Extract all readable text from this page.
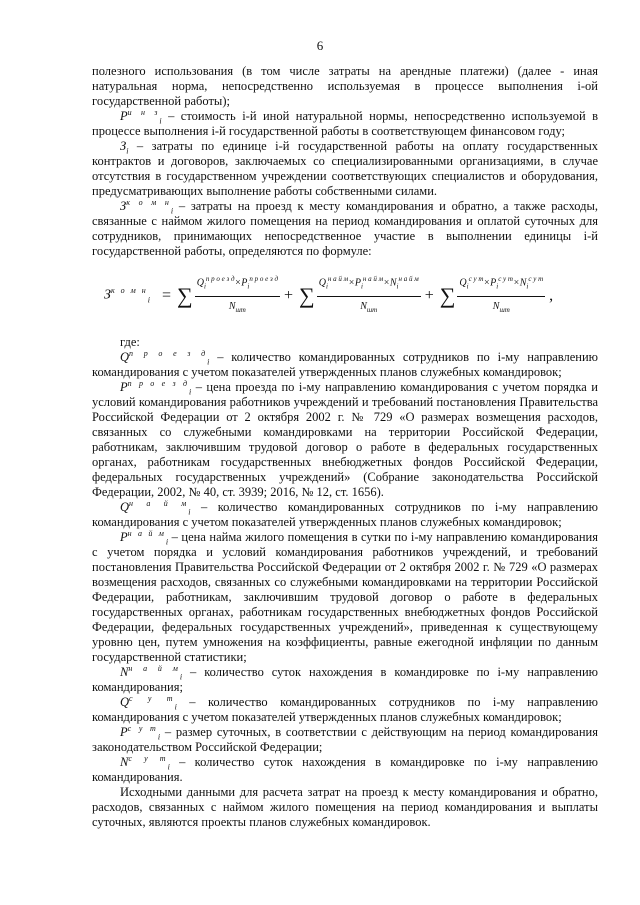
6

полезного использования (в том числе затраты на арендные платежи) (далее - иная натуральная норма, непосредственно используемая в процессе выполнения i-ой государственной работы);

$P^{и н з}_i$ – стоимость i-й иной натуральной нормы, непосредственно используемой в процессе выполнения i-й государственной работы в соответствующем финансовом году;

$З_i$ – затраты по единице i-й государственной работы на оплату государственных контрактов и договоров, заключаемых со специализированными организациями, в случае отсутствия в государственном учреждении соответствующих специалистов и оборудования, предусматривающих выполнение работы собственными силами.

$З^{к о м н}_i$ – затраты на проезд к месту командирования и обратно, а также расходы, связанные с наймом жилого помещения на период командирования и оплатой суточных для сотрудников, принимающих непосредственное участие в выполнении единицы i-й государственной работы, определяются по формуле:

$З^{к о м н}_i$ = ∑ $\frac{Q_i^{п р о е з д}\times P_i^{п р о е з д}}{N_{шт}}$ + ∑ $\frac{Q_i^{н а й м}\times P_i^{н а й м}\times N_i^{н а й м}}{N_{шт}}$ + ∑ $\frac{Q_i^{с у т}\times P_i^{с у т}\times N_i^{с у т}}{N_{шт}}$ ,

где:

$Q^{п р о е з д}_i$ – количество командированных сотрудников по i-му направлению командирования с учетом показателей утвержденных планов служебных командировок;

$P^{п р о е з д}_i$ – цена проезда по i-му направлению командирования с учетом порядка и условий командирования работников учреждений и требований постановления Правительства Российской Федерации от 2 октября 2002 г. № 729 «О размерах возмещения расходов, связанных со служебными командировками на территории Российской Федерации, работникам, заключившим трудовой договор о работе в федеральных государственных органах, работникам государственных внебюджетных фондов Российской Федерации, федеральных государственных учреждений» (Собрание законодательства Российской Федерации, 2002, № 40, ст. 3939; 2016, № 12, ст. 1656).

$Q^{н а й м}_i$ – количество командированных сотрудников по i-му направлению командирования с учетом показателей утвержденных планов служебных командировок;

$P^{н а й м}_i$ – цена найма жилого помещения в сутки по i-му направлению командирования с учетом порядка и условий командирования работников учреждений, и требований постановления Правительства Российской Федерации от 2 октября 2002 г. № 729 «О размерах возмещения расходов, связанных со служебными командировками на территории Российской Федерации, работникам, заключившим трудовой договор о работе в федеральных государственных органах, работникам государственных внебюджетных фондов Российской Федерации, федеральных государственных учреждений», приведенная к существующему уровню цен, путем умножения на коэффициенты, равные ежегодной инфляции по данным государственной статистики;

$N^{н а й м}_i$ – количество суток нахождения в командировке по i-му направлению командирования;

$Q^{с у т}_i$ – количество командированных сотрудников по i-му направлению командирования с учетом показателей утвержденных планов служебных командировок;

$P^{с у т}_i$ – размер суточных, в соответствии с действующим на период командирования законодательством Российской Федерации;

$N^{с у т}_i$ – количество суток нахождения в командировке по i-му направлению командирования.

Исходными данными для расчета затрат на проезд к месту командирования и обратно, расходов, связанных с наймом жилого помещения на период командирования и выплаты суточных, являются проекты планов служебных командировок.
